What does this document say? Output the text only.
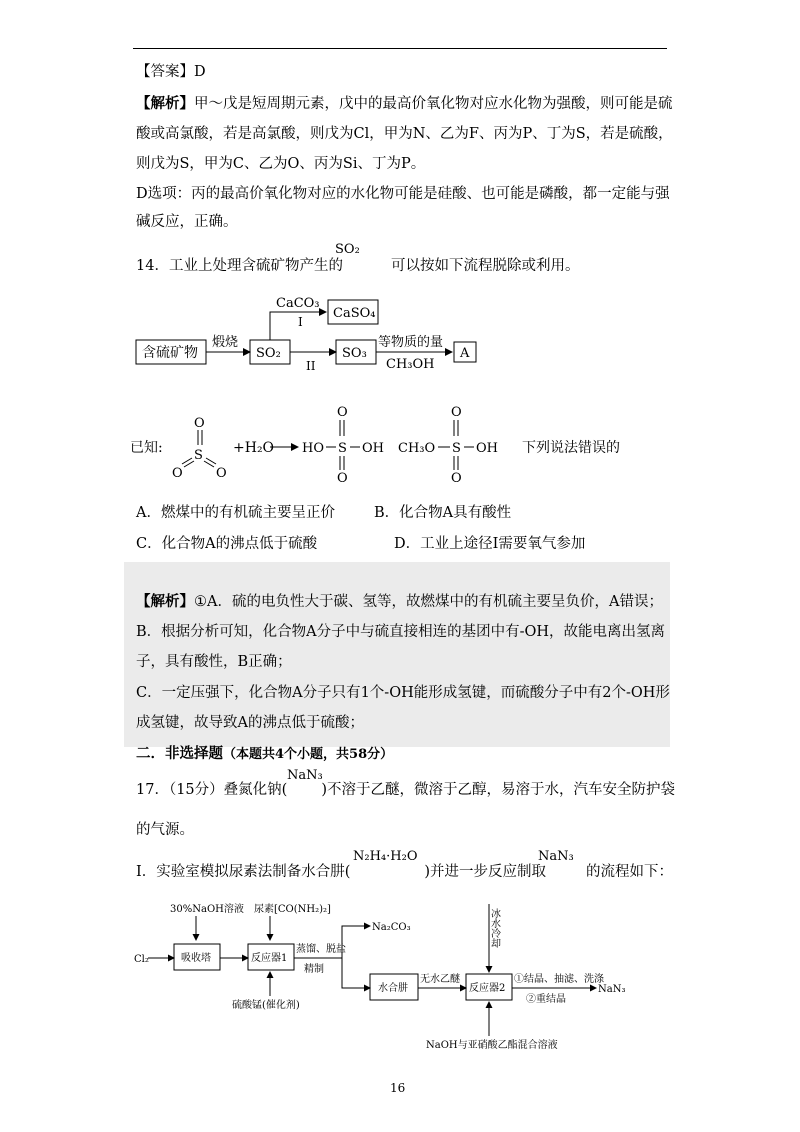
【答案】D
【解析】甲～戊是短周期元素，戊中的最高价氧化物对应水化物为强酸，则可能是硫
酸或高氯酸，若是高氯酸，则戊为Cl，甲为N、乙为F、丙为P、丁为S，若是硫酸，
则戊为S，甲为C、乙为O、丙为Si、丁为P。
D选项：丙的最高价氧化物对应的水化物可能是硅酸、也可能是磷酸，都一定能与强
碱反应，正确。
14．工业上处理含硫矿物产生的	可以按如下流程脱除或利用。
SO₂
含硫矿物
煅烧
SO₂
CaCO₃
I
CaSO₄
II
SO₃
等物质的量
CH₃OH
A
已知:
O
S
O	O
+H₂O HO S
O
O
OH CH₃O S
O
O
OH 下列说法错误的
A．燃煤中的有机硫主要呈正价	B．化合物A具有酸性
C．化合物A的沸点低于硫酸	D．工业上途径I需要氧气参加
【解析】①A．硫的电负性大于碳、氢等，故燃煤中的有机硫主要呈负价，A错误；
B．根据分析可知，化合物A分子中与硫直接相连的基团中有-OH，故能电离出氢离
子，具有酸性，B正确；
C．一定压强下，化合物A分子只有1个-OH能形成氢键，而硫酸分子中有2个-OH形
成氢键，故导致A的沸点低于硫酸；
二．非选择题（本题共4个小题，共58分）
17．（15分）叠氮化钠( )不溶于乙醚，微溶于乙醇，易溶于水，汽车安全防护袋
NaN₃
的气源。
Ⅰ．实验室模拟尿素法制备水合肼(	)并进一步反应制取	的流程如下：
N₂H₄·H₂O	NaN₃
30%NaOH溶液 尿素[CO(NH₂)₂]
Cl₂	吸收塔	反应器1
硫酸锰(催化剂)
蒸馏、脱盐
精制
Na₂CO₃
水合肼
无水乙醚
反应器2
冰水冷却
NaOH与亚硝酸乙酯混合溶液
①结晶、抽滤、洗涤
②重结晶
NaN₃
16
